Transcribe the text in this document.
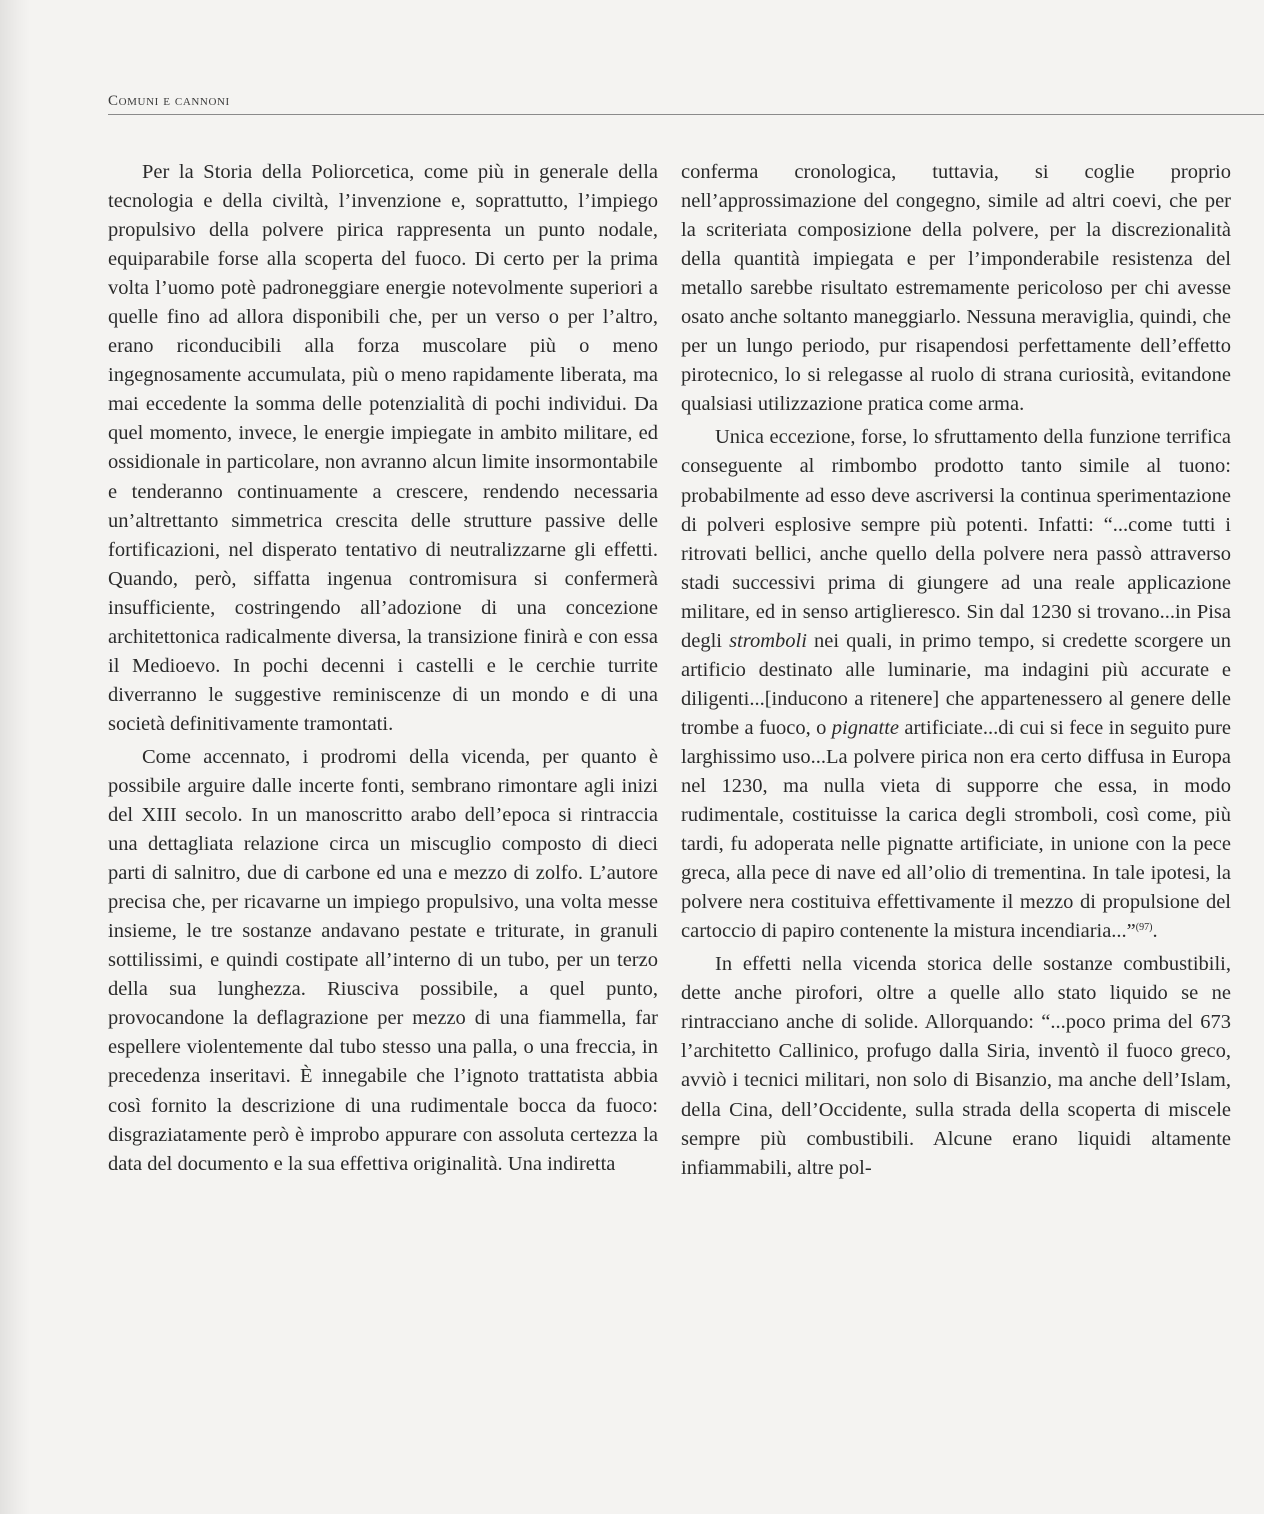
Comuni e cannoni

Per la Storia della Poliorcetica, come più in generale della tecnologia e della civiltà, l’invenzione e, soprattutto, l’impiego propulsivo della polvere pirica rappresenta un punto nodale, equiparabile forse alla scoperta del fuoco. Di certo per la prima volta l’uomo potè padroneggiare energie notevolmente superiori a quelle fino ad allora disponibili che, per un verso o per l’altro, erano riconducibili alla forza muscolare più o meno ingegnosamente accumulata, più o meno rapidamente liberata, ma mai eccedente la somma delle potenzialità di pochi individui. Da quel momento, invece, le energie impiegate in ambito militare, ed ossidionale in particolare, non avranno alcun limite insormontabile e tenderanno continuamente a crescere, rendendo necessaria un’altrettanto simmetrica crescita delle strutture passive delle fortificazioni, nel disperato tentativo di neutralizzarne gli effetti. Quando, però, siffatta ingenua contromisura si confermerà insufficiente, costringendo all’adozione di una concezione architettonica radicalmente diversa, la transizione finirà e con essa il Medioevo. In pochi decenni i castelli e le cerchie turrite diverranno le suggestive reminiscenze di un mondo e di una società definitivamente tramontati.

Come accennato, i prodromi della vicenda, per quanto è possibile arguire dalle incerte fonti, sembrano rimontare agli inizi del XIII secolo. In un manoscritto arabo dell’epoca si rintraccia una dettagliata relazione circa un miscuglio composto di dieci parti di salnitro, due di carbone ed una e mezzo di zolfo. L’autore precisa che, per ricavarne un impiego propulsivo, una volta messe insieme, le tre sostanze andavano pestate e triturate, in granuli sottilissimi, e quindi costipate all’interno di un tubo, per un terzo della sua lunghezza. Riusciva possibile, a quel punto, provocandone la deflagrazione per mezzo di una fiammella, far espellere violentemente dal tubo stesso una palla, o una freccia, in precedenza inseritavi. È innegabile che l’ignoto trattatista abbia così fornito la descrizione di una rudimentale bocca da fuoco: disgraziatamente però è improbo appurare con assoluta certezza la data del documento e la sua effettiva originalità. Una indiretta

conferma cronologica, tuttavia, si coglie proprio nell’approssimazione del congegno, simile ad altri coevi, che per la scriteriata composizione della polvere, per la discrezionalità della quantità impiegata e per l’imponderabile resistenza del metallo sarebbe risultato estremamente pericoloso per chi avesse osato anche soltanto maneggiarlo. Nessuna meraviglia, quindi, che per un lungo periodo, pur risapendosi perfettamente dell’effetto pirotecnico, lo si relegasse al ruolo di strana curiosità, evitandone qualsiasi utilizzazione pratica come arma.

Unica eccezione, forse, lo sfruttamento della funzione terrifica conseguente al rimbombo prodotto tanto simile al tuono: probabilmente ad esso deve ascriversi la continua sperimentazione di polveri esplosive sempre più potenti. Infatti: “...come tutti i ritrovati bellici, anche quello della polvere nera passò attraverso stadi successivi prima di giungere ad una reale applicazione militare, ed in senso artiglieresco. Sin dal 1230 si trovano...in Pisa degli stromboli nei quali, in primo tempo, si credette scorgere un artificio destinato alle luminarie, ma indagini più accurate e diligenti...[inducono a ritenere] che appartenessero al genere delle trombe a fuoco, o pignatte artificiate...di cui si fece in seguito pure larghissimo uso...La polvere pirica non era certo diffusa in Europa nel 1230, ma nulla vieta di supporre che essa, in modo rudimentale, costituisse la carica degli stromboli, così come, più tardi, fu adoperata nelle pignatte artificiate, in unione con la pece greca, alla pece di nave ed all’olio di trementina. In tale ipotesi, la polvere nera costituiva effettivamente il mezzo di propulsione del cartoccio di papiro contenente la mistura incendiaria...”$^{(97)}$.

In effetti nella vicenda storica delle sostanze combustibili, dette anche pirofori, oltre a quelle allo stato liquido se ne rintracciano anche di solide. Allorquando: “...poco prima del 673 l’architetto Callinico, profugo dalla Siria, inventò il fuoco greco, avviò i tecnici militari, non solo di Bisanzio, ma anche dell’Islam, della Cina, dell’Occidente, sulla strada della scoperta di miscele sempre più combustibili. Alcune erano liquidi altamente infiammabili, altre pol-
